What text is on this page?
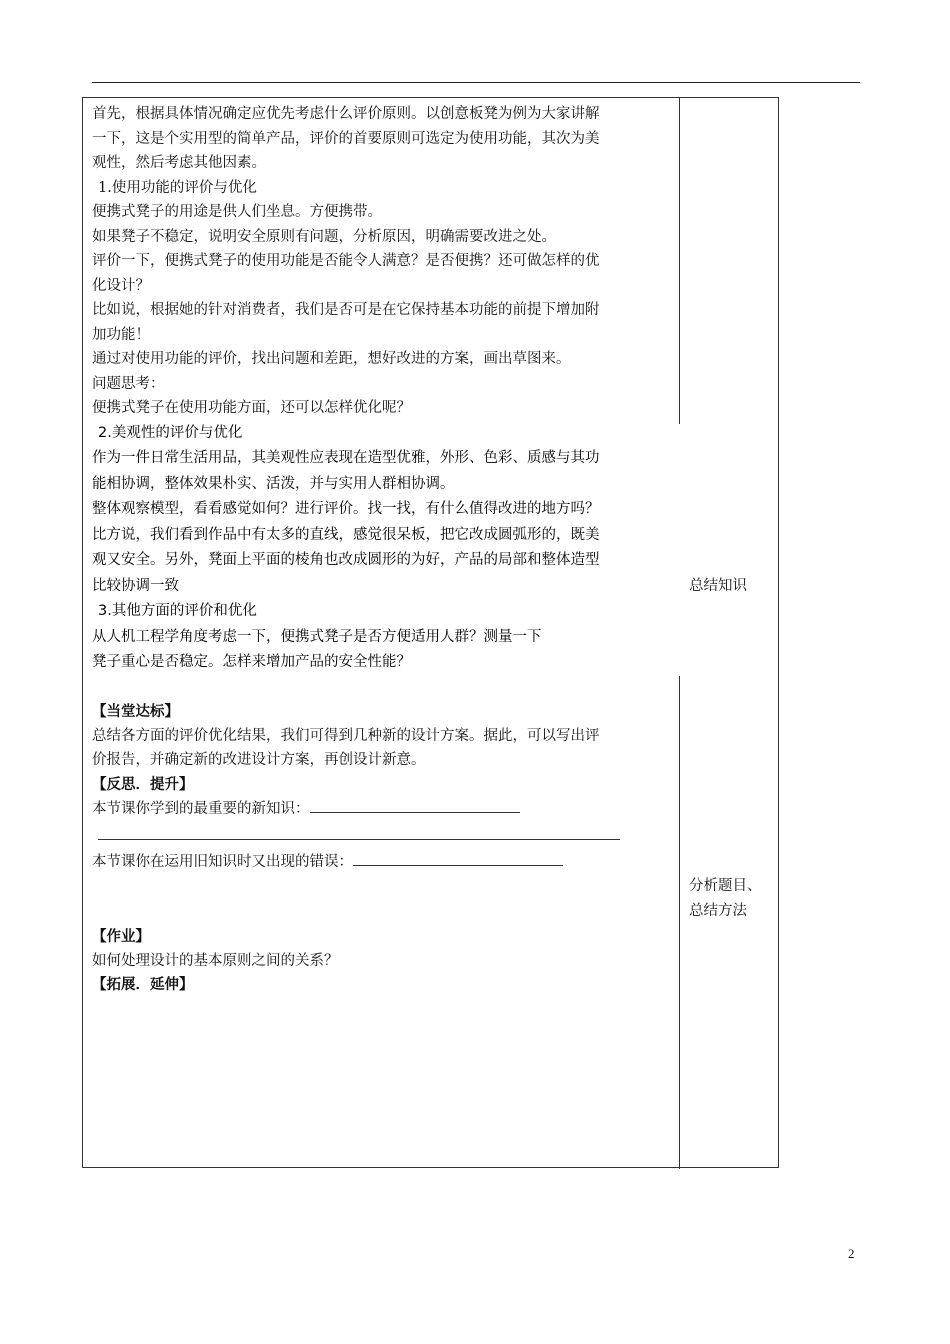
首先，根据具体情况确定应优先考虑什么评价原则。以创意板凳为例为大家讲解

一下，这是个实用型的简单产品，评价的首要原则可选定为使用功能，其次为美

观性，然后考虑其他因素。

1.使用功能的评价与优化

便携式凳子的用途是供人们坐息。方便携带。

如果凳子不稳定，说明安全原则有问题，分析原因，明确需要改进之处。

评价一下，便携式凳子的使用功能是否能令人满意？是否便携？还可做怎样的优

化设计？

比如说，根据她的针对消费者，我们是否可是在它保持基本功能的前提下增加附

加功能！

通过对使用功能的评价，找出问题和差距，想好改进的方案，画出草图来。

问题思考：

便携式凳子在使用功能方面，还可以怎样优化呢？

2.美观性的评价与优化

作为一件日常生活用品，其美观性应表现在造型优雅，外形、色彩、质感与其功

能相协调，整体效果朴实、活泼，并与实用人群相协调。

整体观察模型，看看感觉如何？进行评价。找一找，有什么值得改进的地方吗？

比方说，我们看到作品中有太多的直线，感觉很呆板，把它改成圆弧形的，既美

观又安全。另外，凳面上平面的棱角也改成圆形的为好，产品的局部和整体造型

比较协调一致

3.其他方面的评价和优化

从人机工程学角度考虑一下，便携式凳子是否方便适用人群？测量一下

凳子重心是否稳定。怎样来增加产品的安全性能？

【当堂达标】

总结各方面的评价优化结果，我们可得到几种新的设计方案。据此，可以写出评

价报告，并确定新的改进设计方案，再创设计新意。

【反思．提升】

本节课你学到的最重要的新知识：

本节课你在运用旧知识时又出现的错误：

【作业】

如何处理设计的基本原则之间的关系？

【拓展．延伸】

总结知识
分析题目、
总结方法
2
